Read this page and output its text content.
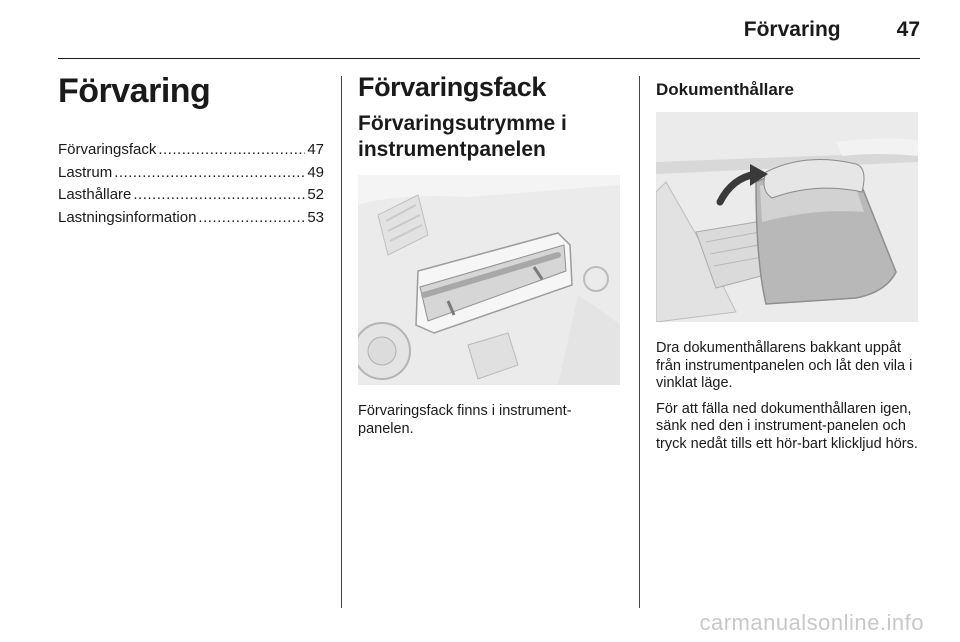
Förvaring	47
Förvaring
Förvaringsfack .....	47
Lastrum .....	49
Lasthållare .....	52
Lastningsinformation .....	53
Förvaringsfack
Förvaringsutrymme i instrumentpanelen

Förvaringsfack finns i instrument-panelen.

Dokumenthållare

Dra dokumenthållarens bakkant uppåt från instrumentpanelen och låt den vila i vinklat läge.

För att fälla ned dokumenthållaren igen, sänk ned den i instrument-panelen och tryck nedåt tills ett hör-bart klickljud hörs.

carmanualsonline.info
